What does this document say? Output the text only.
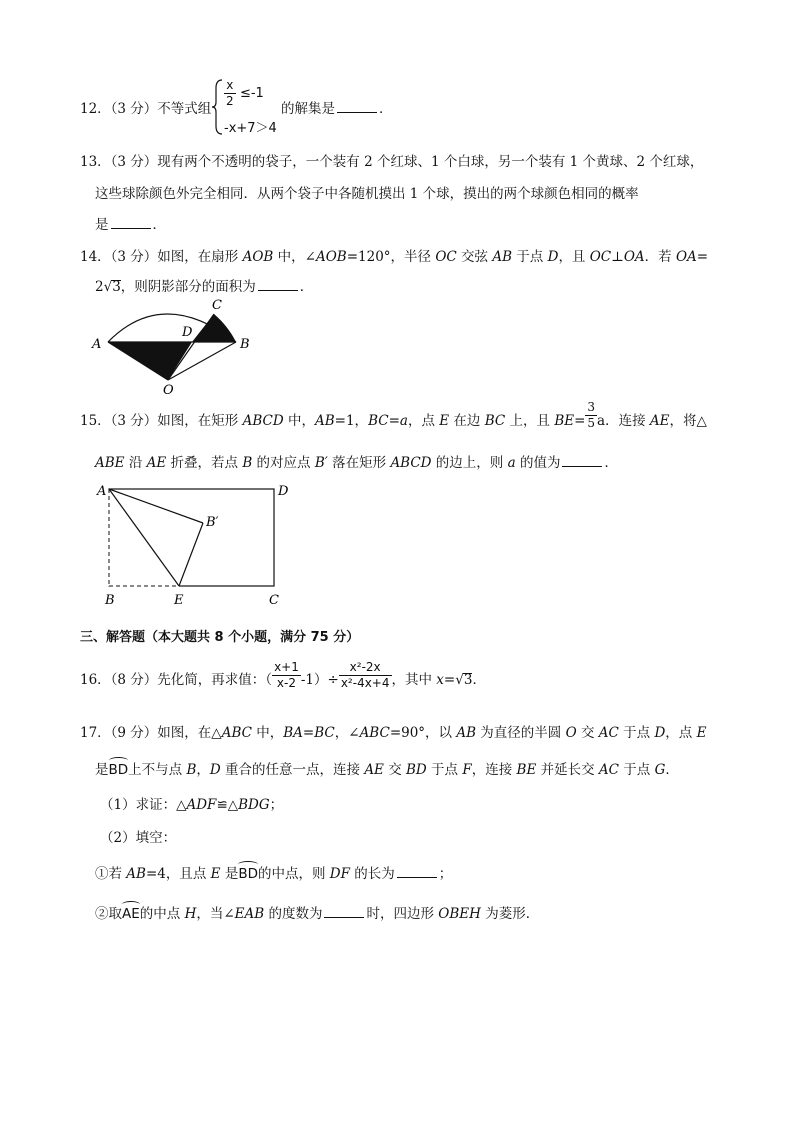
12．（3 分）不等式组 $\frac{x}{2} \le-1$
-x+7＞4
的解集是	．
13．（3 分）现有两个不透明的袋子，一个装有 2 个红球、1 个白球，另一个装有 1 个黄球、2 个红球，
这些球除颜色外完全相同．从两个袋子中各随机摸出 1 个球，摸出的两个球颜色相同的概率
是	．
14．（3 分）如图，在扇形 AOB 中，∠AOB=120°，半径 OC 交弦 AB 于点 D，且 OC⊥OA．若 OA=
2√3，则阴影部分的面积为	．
A	B
C
D
O
15．（3 分）如图，在矩形 ABCD 中，AB=1，BC=a，点 E 在边 BC 上，且 $BE= \frac{3}{5}$ a．连接 AE，将△
ABE 沿 AE 折叠，若点 B 的对应点 B′ 落在矩形 ABCD 的边上，则 a 的值为	．
A	D
B′
B	E	C
三、解答题（本大题共 8 个小题，满分 75 分）
16．（8 分）先化简，再求值：（ $\frac{x+1}{x-2} -1)\div \frac{\text{x²-2x}}{\text{x²-4x+4}}$ ，其中 x=√3．
17．（9 分）如图，在△ABC 中，BA=BC，∠ABC=90°，以 AB 为直径的半圆 O 交 AC 于点 D，点 E
是BD上不与点 B，D 重合的任意一点，连接 AE 交 BD 于点 F，连接 BE 并延长交 AC 于点 G．
（1）求证：△ADF≌△BDG；
（2）填空：
①若 AB=4，且点 E 是BD的中点，则 DF 的长为	；
②取AE的中点 H，当∠EAB 的度数为	时，四边形 OBEH 为菱形．
